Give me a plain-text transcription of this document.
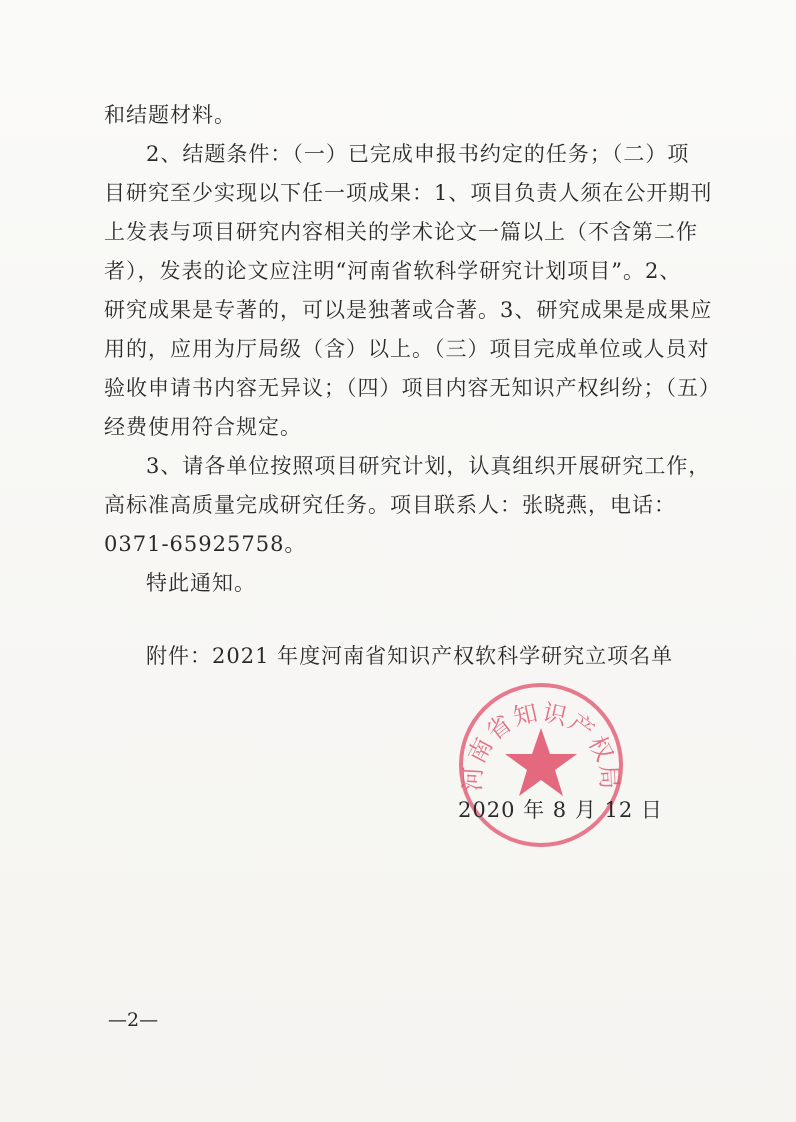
和结题材料。
2、结题条件：（一）已完成申报书约定的任务；（二）项
目研究至少实现以下任一项成果：1、项目负责人须在公开期刊
上发表与项目研究内容相关的学术论文一篇以上（不含第二作
者），发表的论文应注明“河南省软科学研究计划项目”。2、
研究成果是专著的，可以是独著或合著。3、研究成果是成果应
用的，应用为厅局级（含）以上。（三）项目完成单位或人员对
验收申请书内容无异议；（四）项目内容无知识产权纠纷；（五）
经费使用符合规定。
3、请各单位按照项目研究计划，认真组织开展研究工作，
高标准高质量完成研究任务。项目联系人：张晓燕，电话：
0371-65925758。
特此通知。
附件：2021 年度河南省知识产权软科学研究立项名单
河南省知识产权局
2020 年 8 月 12 日
—2—
